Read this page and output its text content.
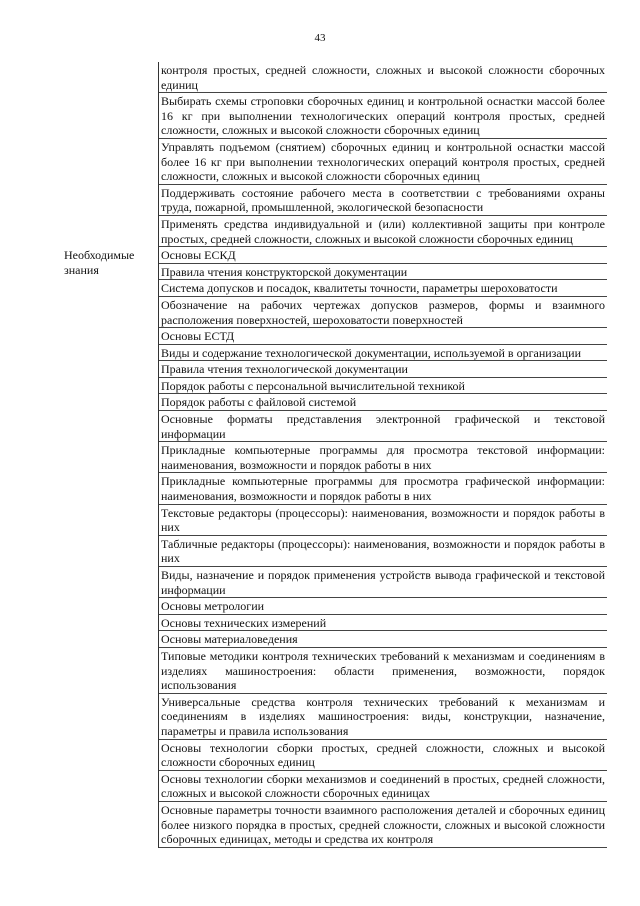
43
	контроля простых, средней сложности, сложных и высокой сложности сборочных единиц
	Выбирать схемы строповки сборочных единиц и контрольной оснастки массой более 16 кг при выполнении технологических операций контроля простых, средней сложности, сложных и высокой сложности сборочных единиц
	Управлять подъемом (снятием) сборочных единиц и контрольной оснастки массой более 16 кг при выполнении технологических операций контроля простых, средней сложности, сложных и высокой сложности сборочных единиц
	Поддерживать состояние рабочего места в соответствии с требованиями охраны труда, пожарной, промышленной, экологической безопасности
	Применять средства индивидуальной и (или) коллективной защиты при контроле простых, средней сложности, сложных и высокой сложности сборочных единиц
Необходимые знания	Основы ЕСКД
	Правила чтения конструкторской документации
	Система допусков и посадок, квалитеты точности, параметры шероховатости
	Обозначение на рабочих чертежах допусков размеров, формы и взаимного расположения поверхностей, шероховатости поверхностей
	Основы ЕСТД
	Виды и содержание технологической документации, используемой в организации
	Правила чтения технологической документации
	Порядок работы с персональной вычислительной техникой
	Порядок работы с файловой системой
	Основные форматы представления электронной графической и текстовой информации
	Прикладные компьютерные программы для просмотра текстовой информации: наименования, возможности и порядок работы в них
	Прикладные компьютерные программы для просмотра графической информации: наименования, возможности и порядок работы в них
	Текстовые редакторы (процессоры): наименования, возможности и порядок работы в них
	Табличные редакторы (процессоры): наименования, возможности и порядок работы в них
	Виды, назначение и порядок применения устройств вывода графической и текстовой информации
	Основы метрологии
	Основы технических измерений
	Основы материаловедения
	Типовые методики контроля технических требований к механизмам и соединениям в изделиях машиностроения: области применения, возможности, порядок использования
	Универсальные средства контроля технических требований к механизмам и соединениям в изделиях машиностроения: виды, конструкции, назначение, параметры и правила использования
	Основы технологии сборки простых, средней сложности, сложных и высокой сложности сборочных единиц
	Основы технологии сборки механизмов и соединений в простых, средней сложности, сложных и высокой сложности сборочных единицах
	Основные параметры точности взаимного расположения деталей и сборочных единиц более низкого порядка в простых, средней сложности, сложных и высокой сложности сборочных единицах, методы и средства их контроля
